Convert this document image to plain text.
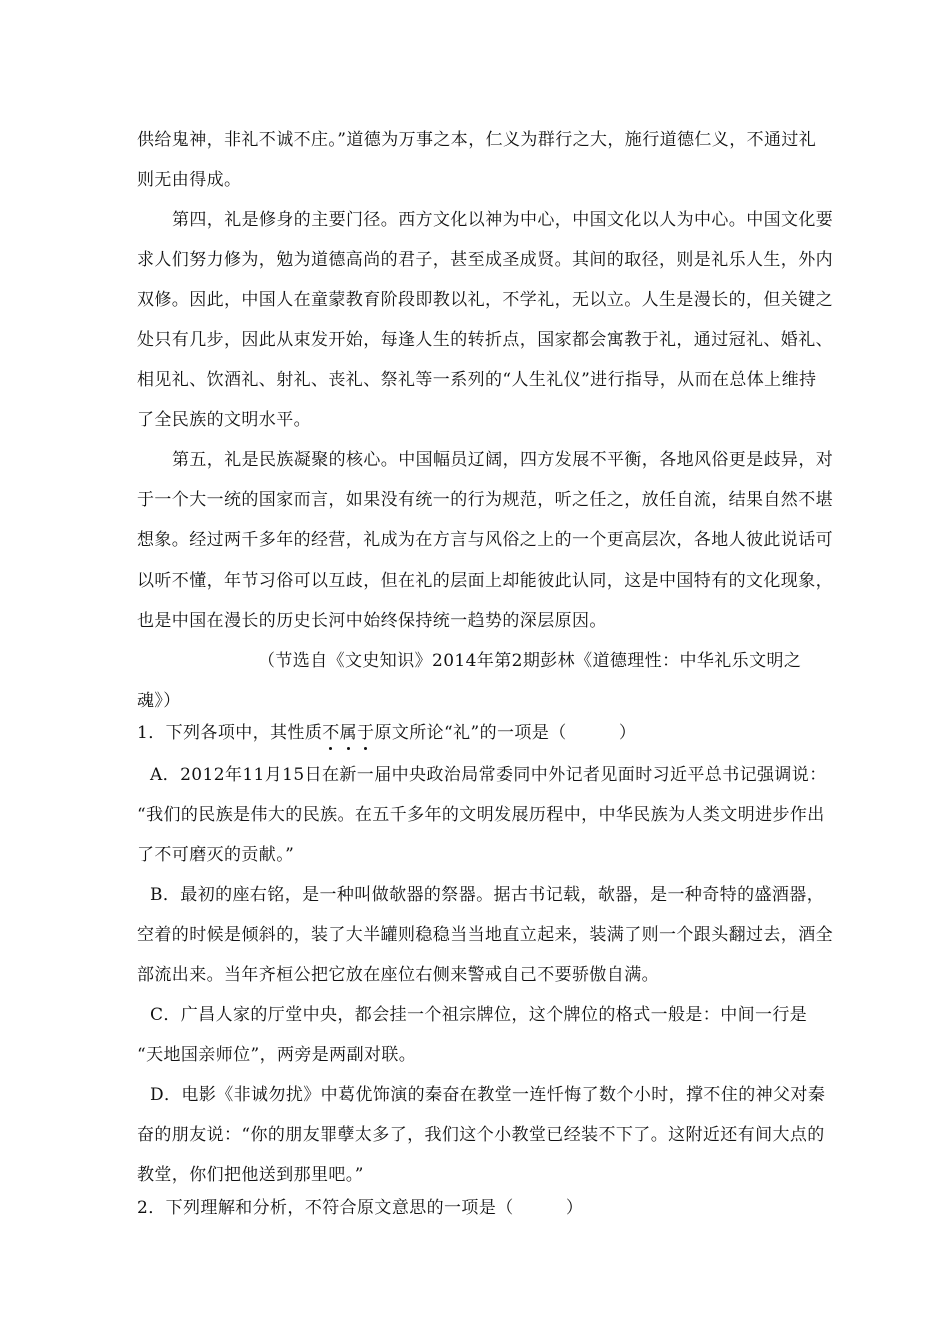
供给鬼神，非礼不诚不庄。”道德为万事之本，仁义为群行之大，施行道德仁义，不通过礼
则无由得成。
第四，礼是修身的主要门径。西方文化以神为中心，中国文化以人为中心。中国文化要
求人们努力修为，勉为道德高尚的君子，甚至成圣成贤。其间的取径，则是礼乐人生，外内
双修。因此，中国人在童蒙教育阶段即教以礼，不学礼，无以立。人生是漫长的，但关键之
处只有几步，因此从束发开始，每逢人生的转折点，国家都会寓教于礼，通过冠礼、婚礼、
相见礼、饮酒礼、射礼、丧礼、祭礼等一系列的“人生礼仪”进行指导，从而在总体上维持
了全民族的文明水平。
第五，礼是民族凝聚的核心。中国幅员辽阔，四方发展不平衡，各地风俗更是歧异，对
于一个大一统的国家而言，如果没有统一的行为规范，听之任之，放任自流，结果自然不堪
想象。经过两千多年的经营，礼成为在方言与风俗之上的一个更高层次，各地人彼此说话可
以听不懂，年节习俗可以互歧，但在礼的层面上却能彼此认同，这是中国特有的文化现象，
也是中国在漫长的历史长河中始终保持统一趋势的深层原因。
（节选自《文史知识》2014年第2期彭林《道德理性：中华礼乐文明之
魂》）
1．下列各项中，其性质不属于原文所论“礼”的一项是（　　　）
A．2012年11月15日在新一届中央政治局常委同中外记者见面时习近平总书记强调说：
“我们的民族是伟大的民族。在五千多年的文明发展历程中，中华民族为人类文明进步作出
了不可磨灭的贡献。”
B．最初的座右铭，是一种叫做欹器的祭器。据古书记载，欹器，是一种奇特的盛酒器，
空着的时候是倾斜的，装了大半罐则稳稳当当地直立起来，装满了则一个跟头翻过去，酒全
部流出来。当年齐桓公把它放在座位右侧来警戒自己不要骄傲自满。
C．广昌人家的厅堂中央，都会挂一个祖宗牌位，这个牌位的格式一般是：中间一行是
“天地国亲师位”，两旁是两副对联。
D．电影《非诚勿扰》中葛优饰演的秦奋在教堂一连忏悔了数个小时，撑不住的神父对秦
奋的朋友说：“你的朋友罪孽太多了，我们这个小教堂已经装不下了。这附近还有间大点的
教堂，你们把他送到那里吧。”
2．下列理解和分析，不符合原文意思的一项是（　　　）
